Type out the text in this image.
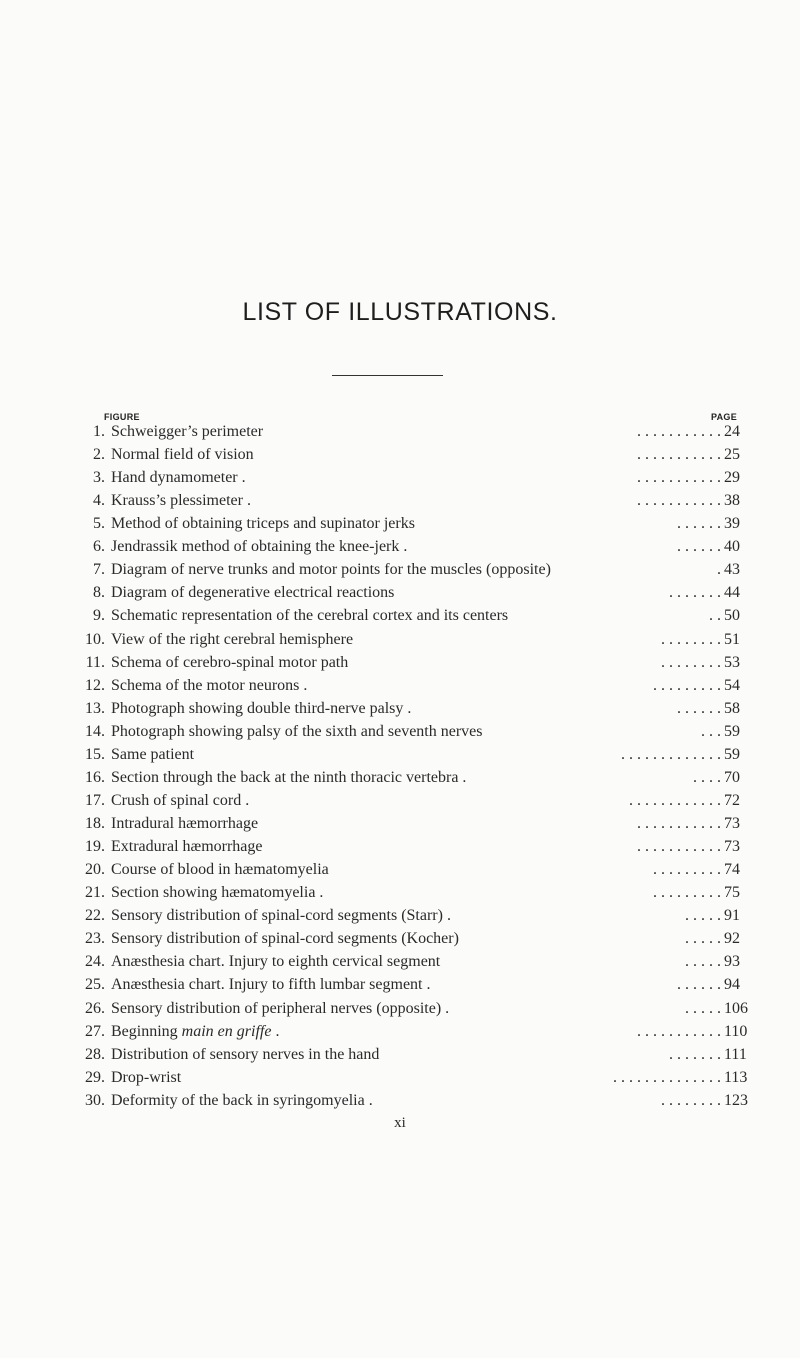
LIST OF ILLUSTRATIONS.
FIGURE	PAGE
1. Schweigger’s perimeter	. . . . . . . . . . . 24
2. Normal field of vision	. . . . . . . . . . . 25
3. Hand dynamometer .	. . . . . . . . . . . 29
4. Krauss’s plessimeter .	. . . . . . . . . . . 38
5. Method of obtaining triceps and supinator jerks	. . . . . . 39
6. Jendrassik method of obtaining the knee-jerk .	. . . . . . 40
7. Diagram of nerve trunks and motor points for the muscles (opposite)	. 43
8. Diagram of degenerative electrical reactions	. . . . . . . 44
9. Schematic representation of the cerebral cortex and its centers	. . 50
10. View of the right cerebral hemisphere	. . . . . . . . 51
11. Schema of cerebro-spinal motor path	. . . . . . . . 53
12. Schema of the motor neurons .	. . . . . . . . . 54
13. Photograph showing double third-nerve palsy .	. . . . . . 58
14. Photograph showing palsy of the sixth and seventh nerves	. . . 59
15. Same patient	. . . . . . . . . . . . . 59
16. Section through the back at the ninth thoracic vertebra .	. . . . 70
17. Crush of spinal cord .	. . . . . . . . . . . . 72
18. Intradural hæmorrhage	. . . . . . . . . . . 73
19. Extradural hæmorrhage	. . . . . . . . . . . 73
20. Course of blood in hæmatomyelia	. . . . . . . . . 74
21. Section showing hæmatomyelia .	. . . . . . . . . 75
22. Sensory distribution of spinal-cord segments (Starr) .	. . . . . 91
23. Sensory distribution of spinal-cord segments (Kocher)	. . . . . 92
24. Anæsthesia chart. Injury to eighth cervical segment	. . . . . 93
25. Anæsthesia chart. Injury to fifth lumbar segment .	. . . . . . 94
26. Sensory distribution of peripheral nerves (opposite) .	. . . . . 106
27. Beginning main en griffe .	. . . . . . . . . . . 110
28. Distribution of sensory nerves in the hand	. . . . . . . 111
29. Drop-wrist	. . . . . . . . . . . . . . 113
30. Deformity of the back in syringomyelia .	. . . . . . . . 123
xi
